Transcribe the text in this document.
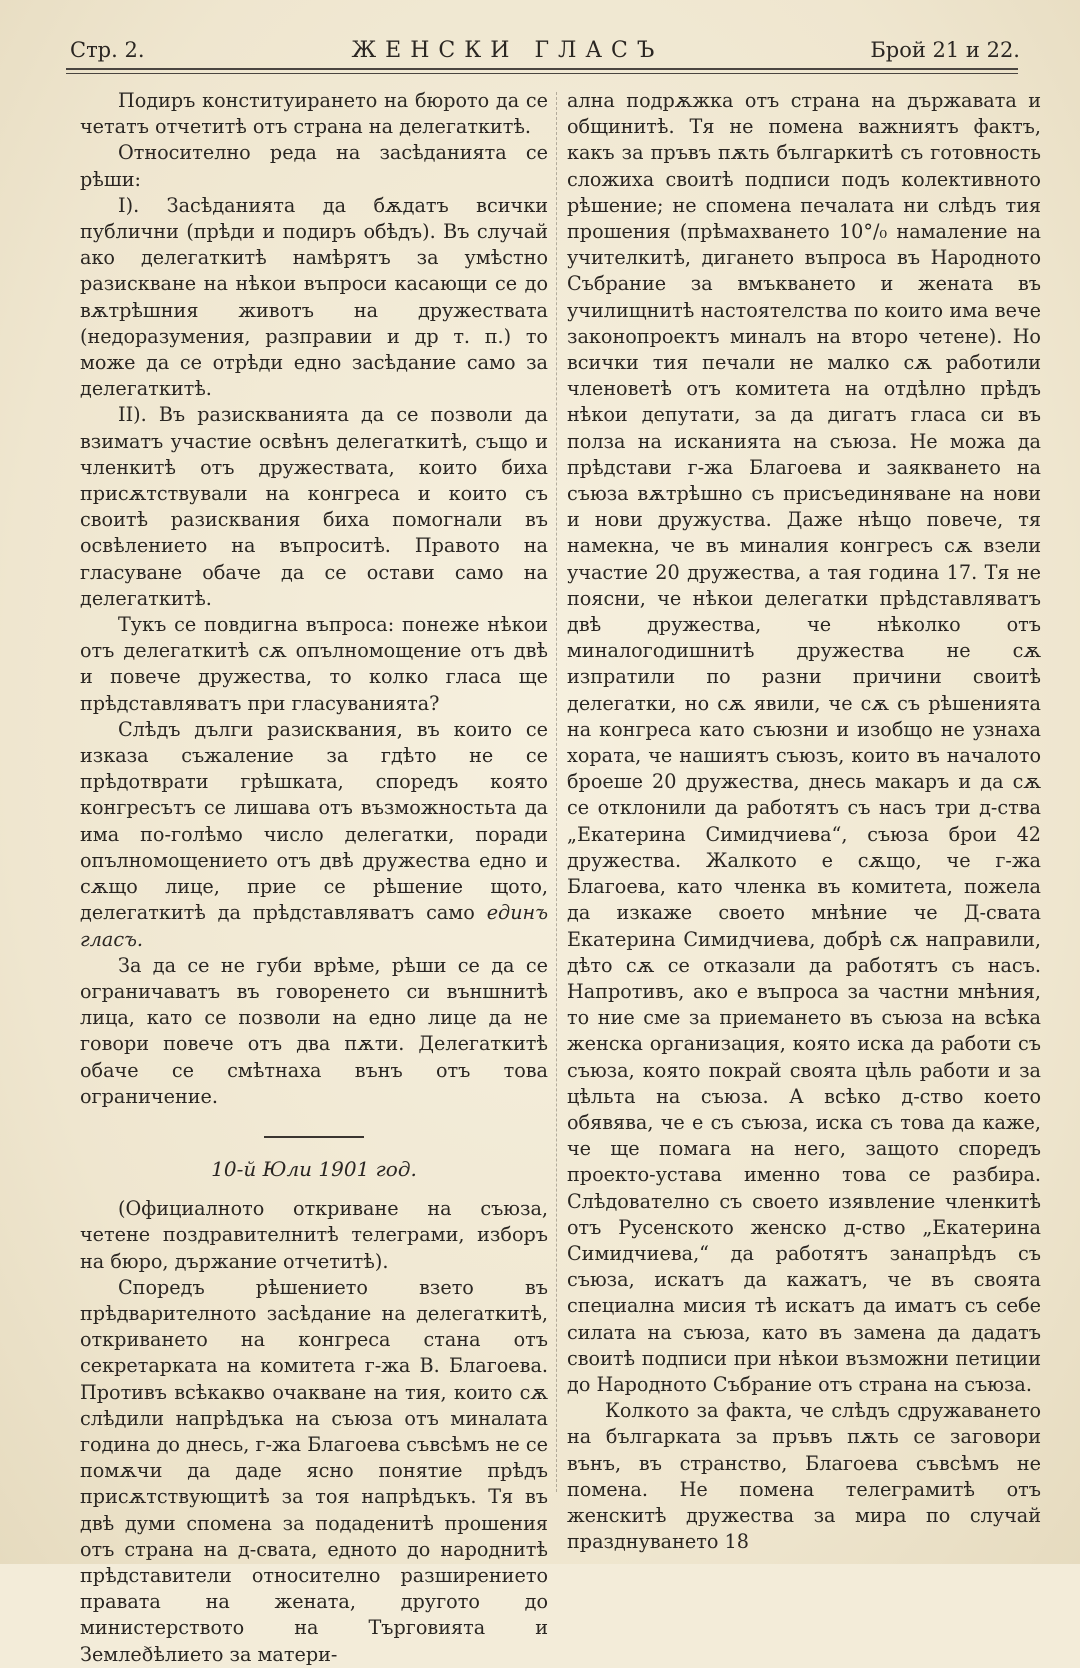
Стр. 2.	ЖЕНСКИ ГЛАСЪ	Брой 21 и 22.

Подиръ конституирането на бюрото да се четатъ отчетитѣ отъ страна на делегаткитѣ.

Относително реда на засѣданията се рѣши:

I). Засѣданията да бѫдатъ всички публични (прѣди и подиръ обѣдъ). Въ случай ако делегаткитѣ намѣрятъ за умѣстно разискване на нѣкои въпроси касающи се до вѫтрѣшния животъ на дружествата (недоразумения, разправии и др т. п.) то може да се отрѣди едно засѣдание само за делегаткитѣ.

II). Въ разискванията да се позволи да взиматъ участие освѣнъ делегаткитѣ, също и членкитѣ отъ дружествата, които биха присѫтствували на конгреса и които съ своитѣ разисквания биха помогнали въ освѣлението на въпроситѣ. Правото на гласуване обаче да се остави само на делегаткитѣ.

Тукъ се повдигна въпроса: понеже нѣкои отъ делегаткитѣ сѫ опълномощение отъ двѣ и повече дружества, то колко гласа ще прѣдставляватъ при гласуванията?

Слѣдъ дълги разисквания, въ които се изказа съжаление за гдѣто не се прѣдотврати грѣшката, споредъ която конгресътъ се лишава отъ възможностьта да има по-голѣмо число делегатки, поради опълномощението отъ двѣ дружества едно и сѫщо лице, прие се рѣшение щото, делегаткитѣ да прѣдставляватъ само единъ гласъ.

За да се не губи врѣме, рѣши се да се ограничаватъ въ говоренето си външнитѣ лица, като се позволи на едно лице да не говори повече отъ два пѫти. Делегаткитѣ обаче се смѣтнаха вънъ отъ това ограничение.

10-й Юли 1901 год.

(Официалното откриване на съюза, четене поздравителнитѣ телеграми, изборъ на бюро, държание отчетитѣ).

Споредъ рѣшението взето въ прѣдварителното засѣдание на делегаткитѣ, откриването на конгреса стана отъ секретарката на комитета г-жа В. Благоева. Противъ всѣкакво очакване на тия, които сѫ слѣдили напрѣдъка на съюза отъ миналата година до днесь, г-жа Благоева съвсѣмъ не се помѫчи да даде ясно понятие прѣдъ присѫтствующитѣ за тоя напрѣдъкъ. Тя въ двѣ думи спомена за подаденитѣ прошения отъ страна на д-свата, едното до народнитѣ прѣдставители относително разширението правата на жената, другото до министерството на Търговията и Землеðѣлието за матери-

ална подрѫжка отъ страна на държавата и общинитѣ. Тя не помена важниятъ фактъ, какъ за пръвъ пѫть българкитѣ съ готовность сложиха своитѣ подписи подъ колективното рѣшение; не спомена печалата ни слѣдъ тия прошения (прѣмахването 10°/₀ намаление на учителкитѣ, дигането въпроса въ Народното Събрание за вмъкването и жената въ училищнитѣ настоятелства по които има вече законопроектъ миналъ на второ четене). Но всички тия печали не малко сѫ работили членоветѣ отъ комитета на отдѣлно прѣдъ нѣкои депутати, за да дигатъ гласа си въ полза на исканията на съюза. Не можа да прѣдстави г-жа Благоева и заякването на съюза вѫтрѣшно съ присъединяване на нови и нови дружуства. Даже нѣщо повече, тя намекна, че въ миналия конгресъ сѫ взели участие 20 дружества, а тая година 17. Тя не поясни, че нѣкои делегатки прѣдставляватъ двѣ дружества, че нѣколко отъ миналогодишнитѣ дружества не сѫ изпратили по разни причини своитѣ делегатки, но сѫ явили, че сѫ съ рѣшенията на конгреса като съюзни и изобщо не узнаха хората, че нашиятъ съюзъ, които въ началото броеше 20 дружества, днесь макаръ и да сѫ се отклонили да работятъ съ насъ три д-ства „Екатерина Симидчиева“, съюза брои 42 дружества. Жалкото е сѫщо, че г-жа Благоева, като членка въ комитета, пожела да изкаже своето мнѣние че Д-свата Екатерина Симидчиева, добрѣ сѫ направили, дѣто сѫ се отказали да работятъ съ насъ. Напротивъ, ако е въпроса за частни мнѣния, то ние сме за приемането въ съюза на всѣка женска организация, която иска да работи съ съюза, която покрай своята цѣль работи и за цѣльта на съюза. А всѣко д-ство което обявява, че е съ съюза, иска съ това да каже, че ще помага на него, защото споредъ проекто-устава именно това се разбира. Слѣдователно съ своето изявление членкитѣ отъ Русенското женско д-ство „Екатерина Симидчиева,“ да работятъ занапрѣдъ съ съюза, искатъ да кажатъ, че въ своята специална мисия тѣ искатъ да иматъ съ себе силата на съюза, като въ замена да дадатъ своитѣ подписи при нѣкои възможни петиции до Народното Събрание отъ страна на съюза.

Колкото за факта, че слѣдъ сдружаването на българката за пръвъ пѫть се заговори вънъ, въ странство, Благоева съвсѣмъ не помена. Не помена телеграмитѣ отъ женскитѣ дружества за мира по случай празднуването 18
